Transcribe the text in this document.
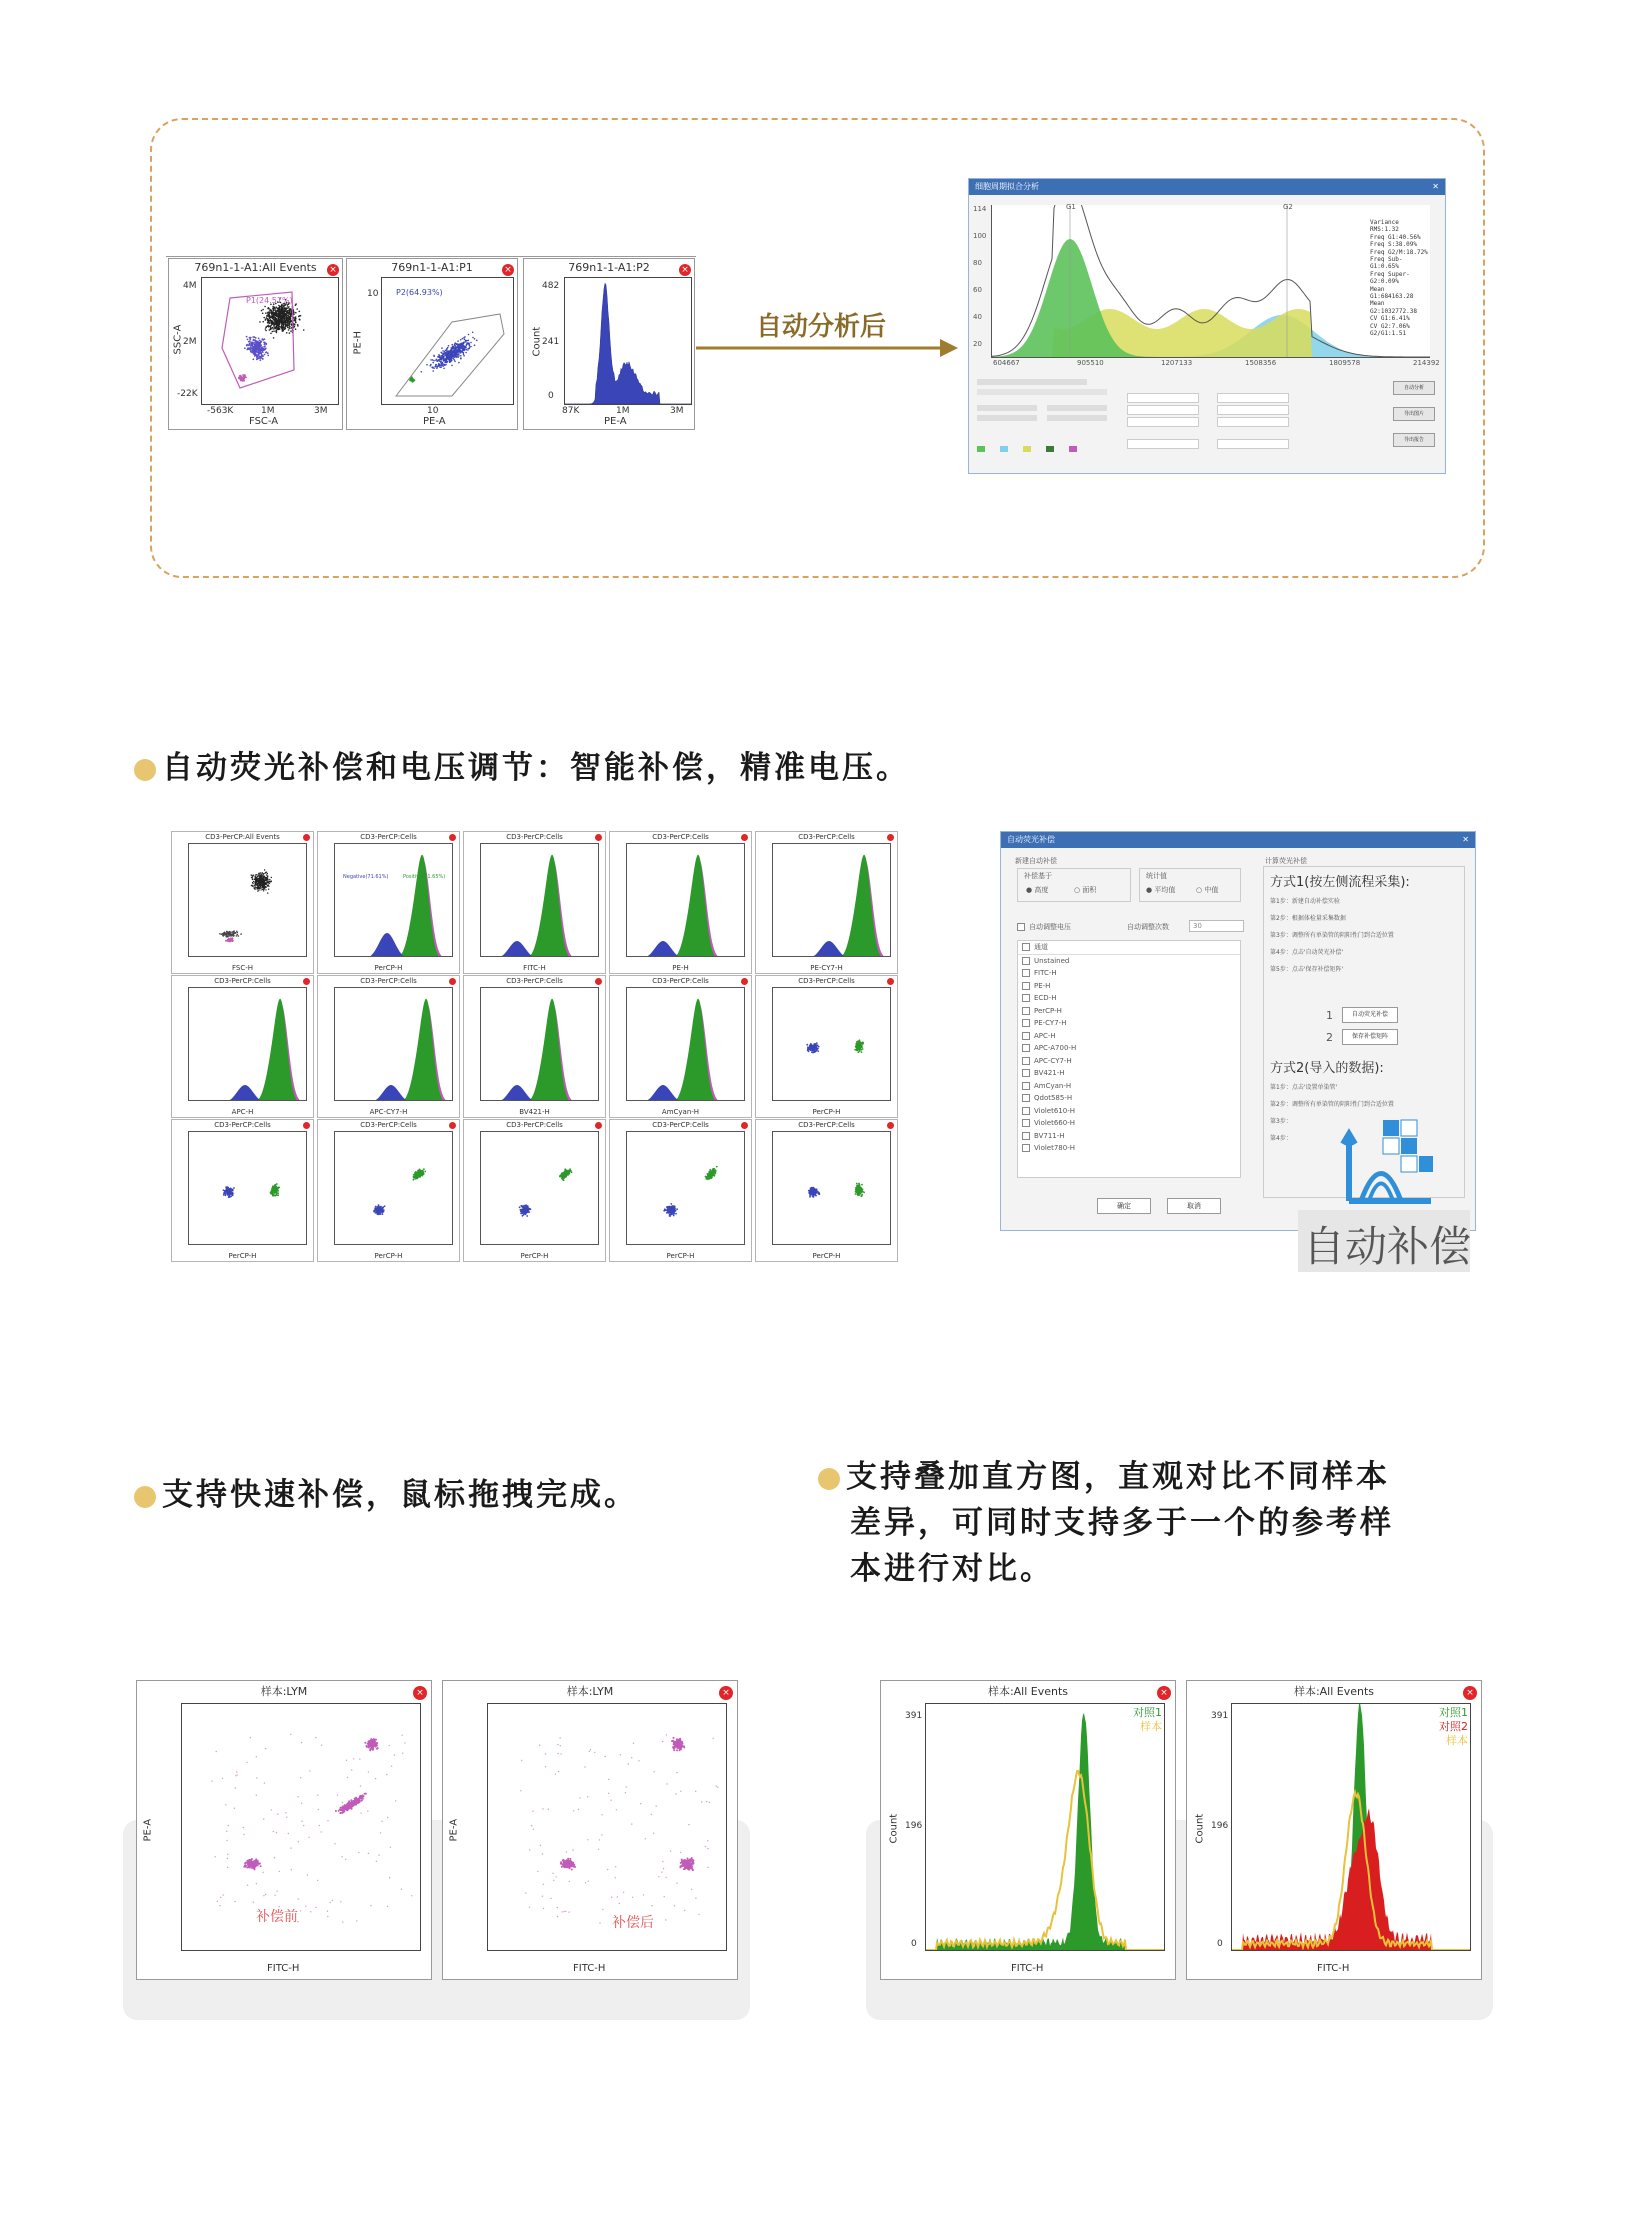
769n1-1-A1:All Events	×
P1(24.57%)
SSC-A
4M
2M
-22K
-563K	1M	3M
FSC-A
769n1-1-A1:P1	×
P2(64.93%)
PE-H
10
10
PE-A
769n1-1-A1:P2	×
Count
482
241
0
87K	1M	3M
PE-A
自动分析后
细胞周期拟合分析	✕
G1	G2
Variance
RMS:1.32
Freq G1:40.56%
Freq S:38.09%
Freq G2/M:18.72%
Freq Sub-G1:0.65%
Freq Super-G2:0.09%
Mean G1:684163.28
Mean G2:1032772.38
CV G1:6.41%
CV G2:7.06%
G2/G1:1.51
114
100
80
60
40
20
604667	905510	1207133	1508356	1809578	214392

自动分析
导出图片
导出报告
自动荧光补偿和电压调节：智能补偿，精准电压。
CD3-PerCP:All Events
FSC-H
CD3-PerCP:Cells
Negative(71.61%)	Positive(71.65%)
PerCP-H
CD3-PerCP:Cells
FITC-H
CD3-PerCP:Cells
PE-H
CD3-PerCP:Cells
PE-CY7-H
CD3-PerCP:Cells
APC-H
CD3-PerCP:Cells
APC-CY7-H
CD3-PerCP:Cells
BV421-H
CD3-PerCP:Cells
AmCyan-H
CD3-PerCP:Cells
PerCP-H
CD3-PerCP:Cells
PerCP-H
CD3-PerCP:Cells
PerCP-H
CD3-PerCP:Cells
PerCP-H
CD3-PerCP:Cells
PerCP-H
CD3-PerCP:Cells
PerCP-H
自动荧光补偿	✕
新建自动补偿
补偿基于
● 高度	○ 面积
统计值
● 平均值	○ 中值
自动调整电压	自动调整次数	30
通道
Unstained
FITC-H
PE-H
ECD-H
PerCP-H
PE-CY7-H
APC-H
APC-A700-H
APC-CY7-H
BV421-H
AmCyan-H
Qdot585-H
Violet610-H
Violet660-H
BV711-H
Violet780-H
确定	取消
计算荧光补偿
方式1(按左侧流程采集):
第1步：新建自动补偿实验
第2步：根据体检量采集数据
第3步：调整所有单染管的阴阳性门到合适位置
第4步：点击'自动荧光补偿'
第5步：点击'保存补偿矩阵'
1	自动荧光补偿
2	保存补偿矩阵
方式2(导入的数据):
第1步：点击'设置单染管'
第2步：调整所有单染管的阴阳性门到合适位置
第3步：
第4步：
自动补偿
支持快速补偿，鼠标拖拽完成。	支持叠加直方图，直观对比不同样本
差异，可同时支持多于一个的参考样
本进行对比。
样本:LYM	×
补偿前
PE-A
FITC-H
样本:LYM	×
补偿后
PE-A
FITC-H
样本:All Events	×
对照1
样本
Count
391
196
0
FITC-H
样本:All Events	×
对照1
对照2
样本
Count
391
196
0
FITC-H
